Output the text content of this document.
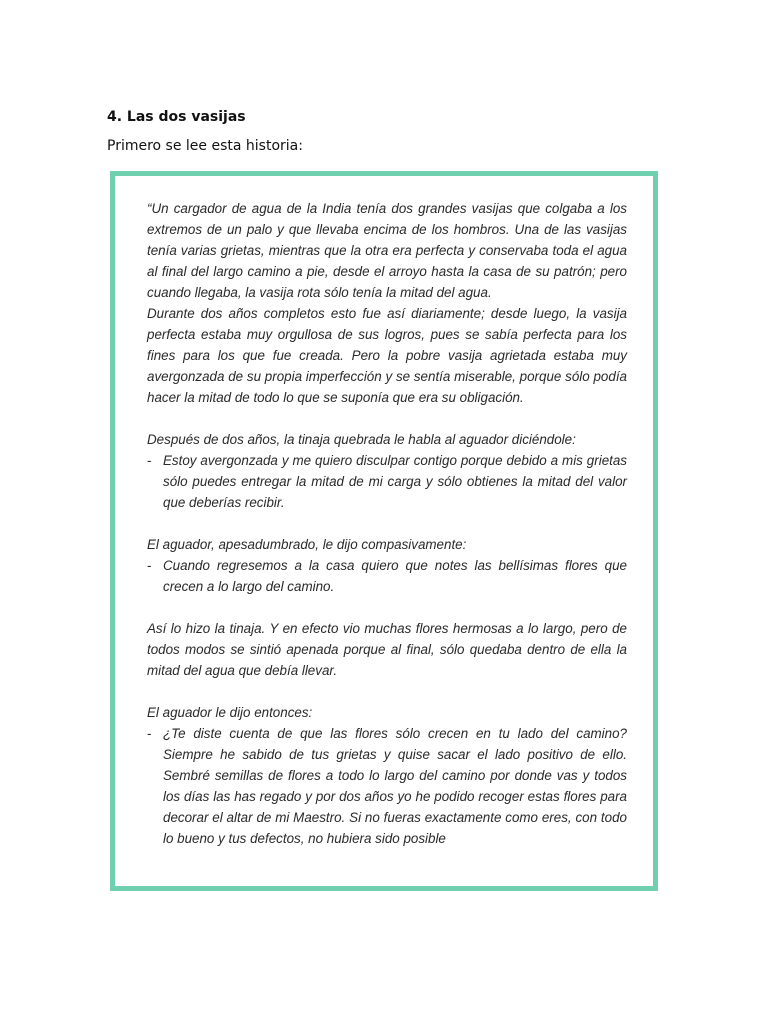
4. Las dos vasijas

Primero se lee esta historia:

“Un cargador de agua de la India tenía dos grandes vasijas que colgaba a los extremos de un palo y que llevaba encima de los hombros. Una de las vasijas tenía varias grietas, mientras que la otra era perfecta y conservaba toda el agua al final del largo camino a pie, desde el arroyo hasta la casa de su patrón; pero cuando llegaba, la vasija rota sólo tenía la mitad del agua.

Durante dos años completos esto fue así diariamente; desde luego, la vasija perfecta estaba muy orgullosa de sus logros, pues se sabía perfecta para los fines para los que fue creada. Pero la pobre vasija agrietada estaba muy avergonzada de su propia imperfección y se sentía miserable, porque sólo podía hacer la mitad de todo lo que se suponía que era su obligación.

Después de dos años, la tinaja quebrada le habla al aguador diciéndole:

- Estoy avergonzada y me quiero disculpar contigo porque debido a mis grietas sólo puedes entregar la mitad de mi carga y sólo obtienes la mitad del valor que deberías recibir.

El aguador, apesadumbrado, le dijo compasivamente:

- Cuando regresemos a la casa quiero que notes las bellísimas flores que crecen a lo largo del camino.

Así lo hizo la tinaja. Y en efecto vio muchas flores hermosas a lo largo, pero de todos modos se sintió apenada porque al final, sólo quedaba dentro de ella la mitad del agua que debía llevar.

El aguador le dijo entonces:

- ¿Te diste cuenta de que las flores sólo crecen en tu lado del camino? Siempre he sabido de tus grietas y quise sacar el lado positivo de ello. Sembré semillas de flores a todo lo largo del camino por donde vas y todos los días las has regado y por dos años yo he podido recoger estas flores para decorar el altar de mi Maestro. Si no fueras exactamente como eres, con todo lo bueno y tus defectos, no hubiera sido posible
